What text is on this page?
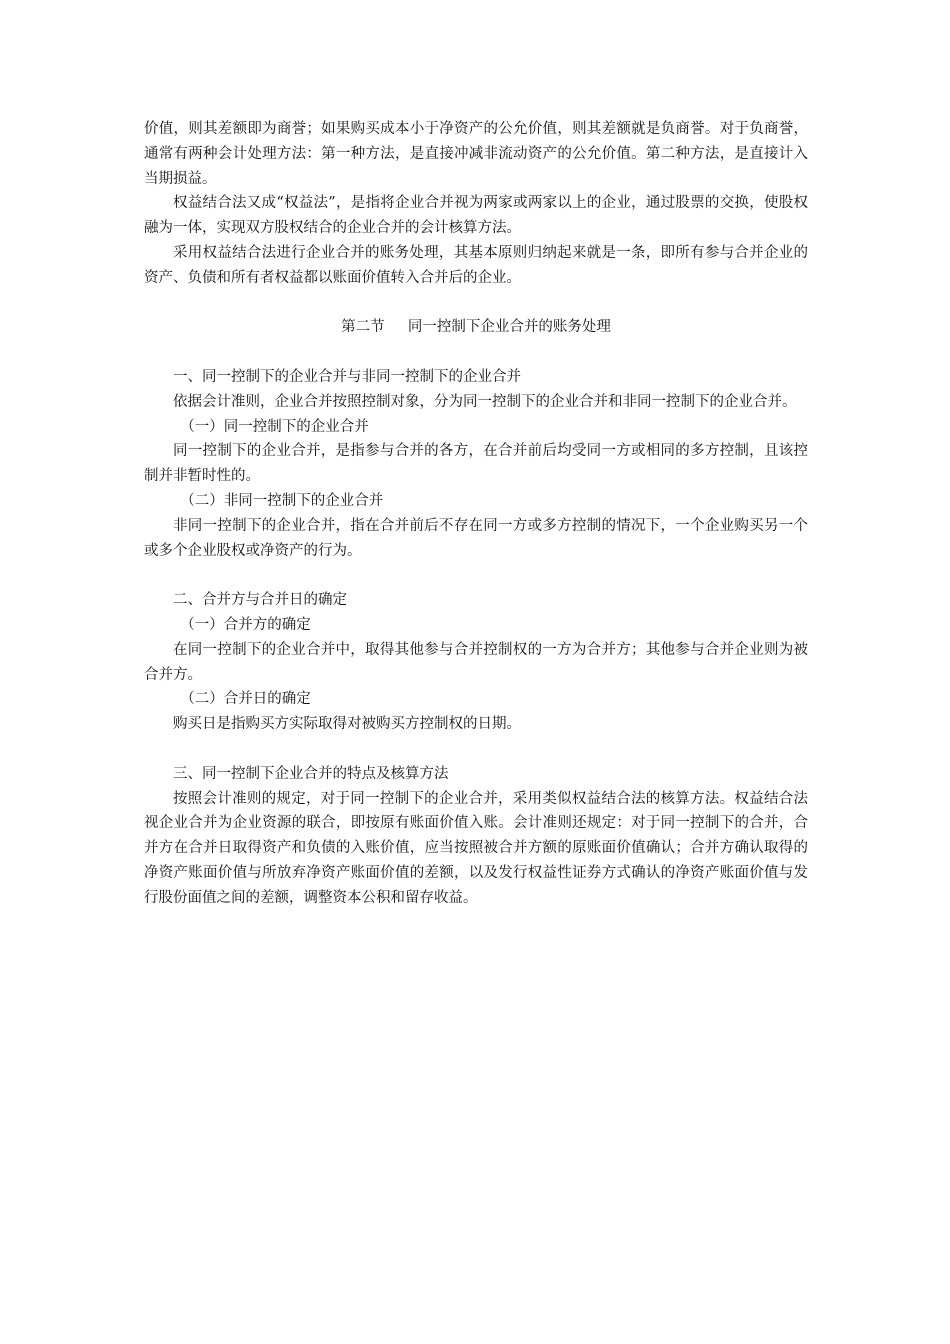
价值，则其差额即为商誉；如果购买成本小于净资产的公允价值，则其差额就是负商誉。对于负商誉，通常有两种会计处理方法：第一种方法，是直接冲减非流动资产的公允价值。第二种方法，是直接计入当期损益。

权益结合法又成“权益法”，是指将企业合并视为两家或两家以上的企业，通过股票的交换，使股权融为一体，实现双方股权结合的企业合并的会计核算方法。

采用权益结合法进行企业合并的账务处理，其基本原则归纳起来就是一条，即所有参与合并企业的资产、负债和所有者权益都以账面价值转入合并后的企业。

第二节 同一控制下企业合并的账务处理

一、同一控制下的企业合并与非同一控制下的企业合并

依据会计准则，企业合并按照控制对象，分为同一控制下的企业合并和非同一控制下的企业合并。

（一）同一控制下的企业合并

同一控制下的企业合并，是指参与合并的各方，在合并前后均受同一方或相同的多方控制，且该控制并非暂时性的。

（二）非同一控制下的企业合并

非同一控制下的企业合并，指在合并前后不存在同一方或多方控制的情况下，一个企业购买另一个或多个企业股权或净资产的行为。

二、合并方与合并日的确定

（一）合并方的确定

在同一控制下的企业合并中，取得其他参与合并控制权的一方为合并方；其他参与合并企业则为被合并方。

（二）合并日的确定

购买日是指购买方实际取得对被购买方控制权的日期。

三、同一控制下企业合并的特点及核算方法

按照会计准则的规定，对于同一控制下的企业合并，采用类似权益结合法的核算方法。权益结合法视企业合并为企业资源的联合，即按原有账面价值入账。会计准则还规定：对于同一控制下的合并，合并方在合并日取得资产和负债的入账价值，应当按照被合并方额的原账面价值确认；合并方确认取得的净资产账面价值与所放弃净资产账面价值的差额，以及发行权益性证券方式确认的净资产账面价值与发行股份面值之间的差额，调整资本公积和留存收益。
